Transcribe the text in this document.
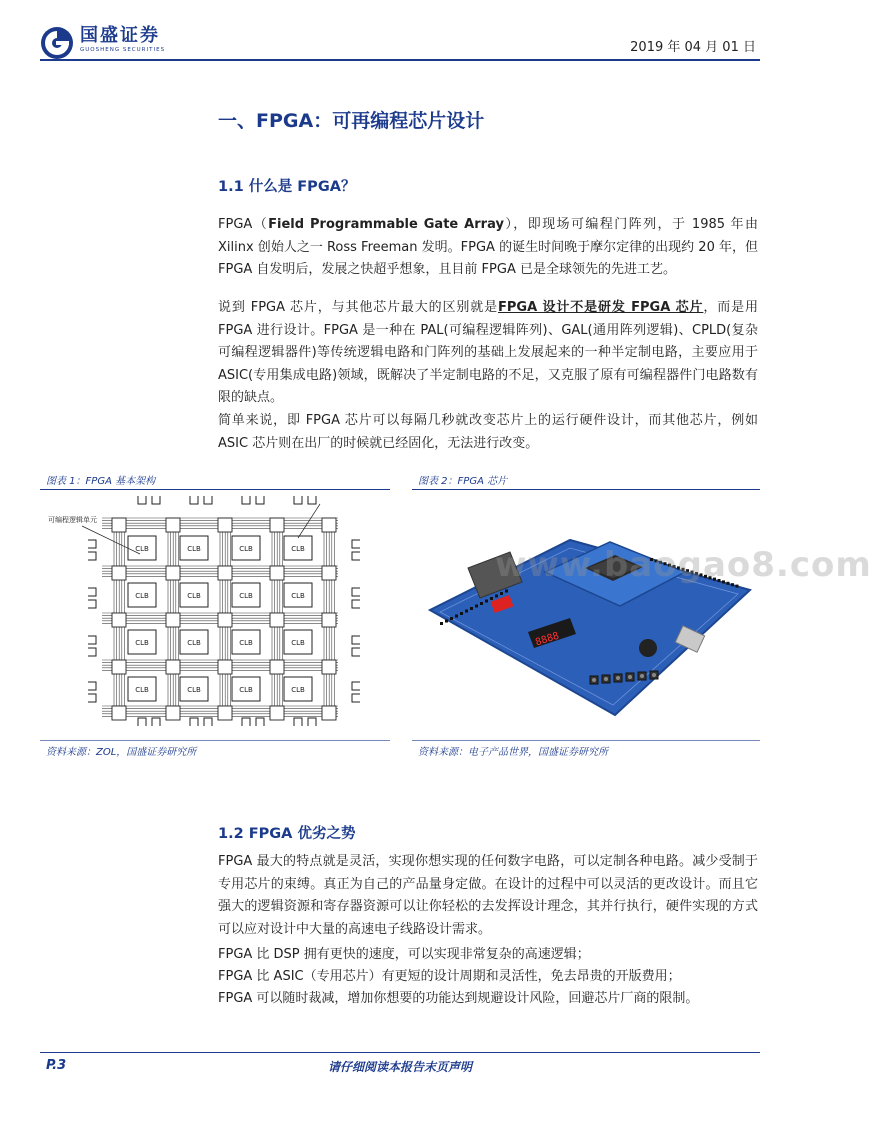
国盛证券
GUOSHENG SECURITIES	2019 年 04 月 01 日
一、FPGA：可再编程芯片设计
1.1 什么是 FPGA？
FPGA（Field Programmable Gate Array），即现场可编程门阵列，于 1985 年由 Xilinx 创始人之一 Ross Freeman 发明。FPGA 的诞生时间晚于摩尔定律的出现约 20 年，但 FPGA 自发明后，发展之快超乎想象，且目前 FPGA 已是全球领先的先进工艺。
说到 FPGA 芯片，与其他芯片最大的区别就是FPGA 设计不是研发 FPGA 芯片，而是用 FPGA 进行设计。FPGA 是一种在 PAL(可编程逻辑阵列)、GAL(通用阵列逻辑)、CPLD(复杂可编程逻辑器件)等传统逻辑电路和门阵列的基础上发展起来的一种半定制电路，主要应用于 ASIC(专用集成电路)领域，既解决了半定制电路的不足，又克服了原有可编程器件门电路数有限的缺点。
简单来说，即 FPGA 芯片可以每隔几秒就改变芯片上的运行硬件设计，而其他芯片，例如 ASIC 芯片则在出厂的时候就已经固化，无法进行改变。
图表 1：FPGA 基本架构	图表 2：FPGA 芯片
CLB	CLB	CLB	CLB
CLB	CLB	CLB	CLB
CLB	CLB	CLB	CLB
CLB	CLB	CLB	CLB
可编程逻辑单元
8888
www.baogao8.com
资料来源：ZOL，国盛证券研究所	资料来源：电子产品世界，国盛证券研究所
1.2 FPGA 优劣之势
FPGA 最大的特点就是灵活，实现你想实现的任何数字电路，可以定制各种电路。减少受制于专用芯片的束缚。真正为自己的产品量身定做。在设计的过程中可以灵活的更改设计。而且它强大的逻辑资源和寄存器资源可以让你轻松的去发挥设计理念，其并行执行，硬件实现的方式可以应对设计中大量的高速电子线路设计需求。
FPGA 比 DSP 拥有更快的速度，可以实现非常复杂的高速逻辑；
FPGA 比 ASIC（专用芯片）有更短的设计周期和灵活性，免去昂贵的开版费用；
FPGA 可以随时裁减，增加你想要的功能达到规避设计风险，回避芯片厂商的限制。
P.3	请仔细阅读本报告末页声明
